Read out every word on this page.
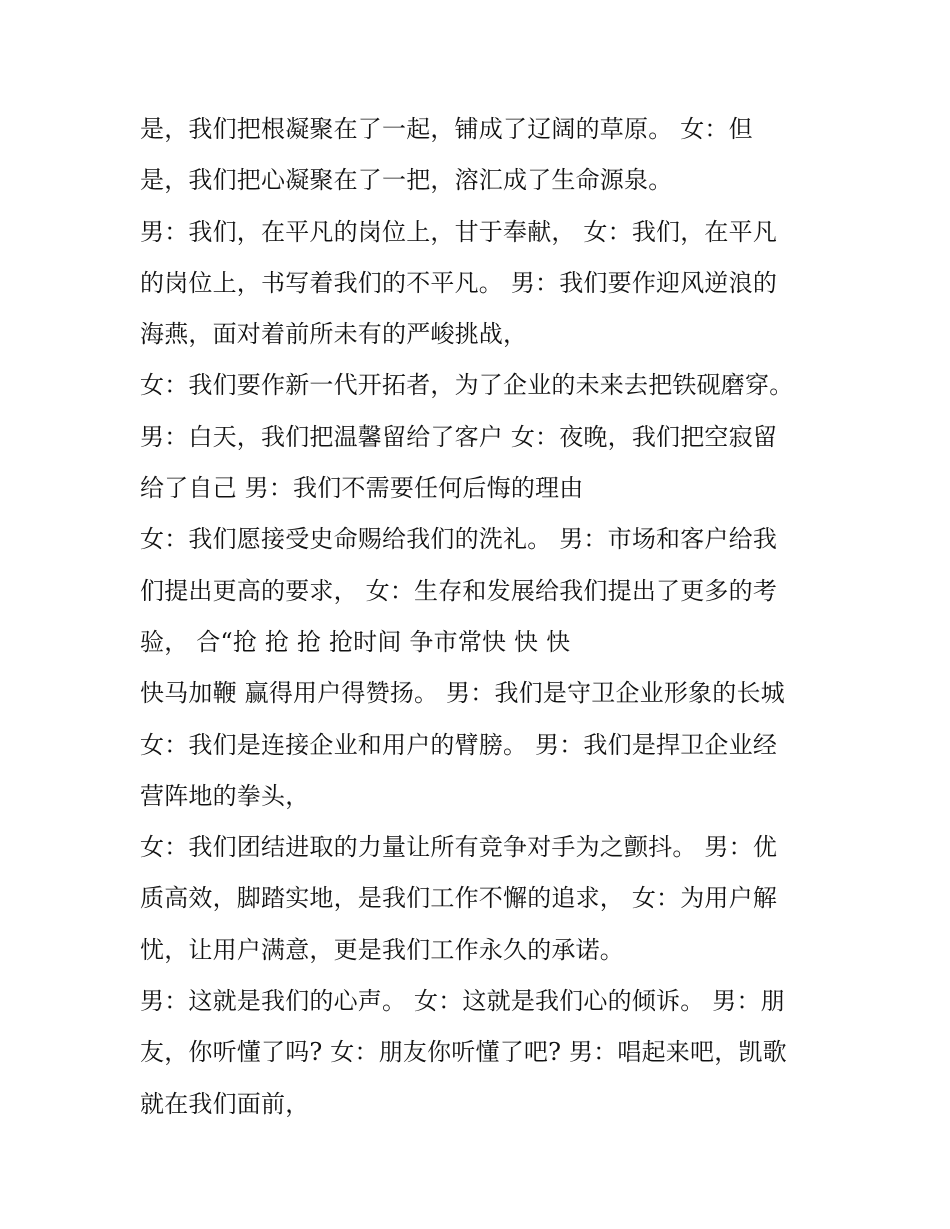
是，我们把根凝聚在了一起，铺成了辽阔的草原。 女：但
是，我们把心凝聚在了一把，溶汇成了生命源泉。
男：我们，在平凡的岗位上，甘于奉献， 女：我们，在平凡
的岗位上，书写着我们的不平凡。 男：我们要作迎风逆浪的
海燕，面对着前所未有的严峻挑战，
女：我们要作新一代开拓者，为了企业的未来去把铁砚磨穿。
男：白天，我们把温馨留给了客户 女：夜晚，我们把空寂留
给了自己 男：我们不需要任何后悔的理由
女：我们愿接受史命赐给我们的洗礼。 男：市场和客户给我
们提出更高的要求， 女：生存和发展给我们提出了更多的考
验， 合“抢 抢 抢 抢时间 争市常快 快 快
快马加鞭 赢得用户得赞扬。 男：我们是守卫企业形象的长城
女：我们是连接企业和用户的臂膀。 男：我们是捍卫企业经
营阵地的拳头，
女：我们团结进取的力量让所有竞争对手为之颤抖。 男：优
质高效，脚踏实地，是我们工作不懈的追求， 女：为用户解
忧，让用户满意，更是我们工作永久的承诺。
男：这就是我们的心声。 女：这就是我们心的倾诉。 男：朋
友，你听懂了吗? 女：朋友你听懂了吧? 男：唱起来吧，凯歌
就在我们面前，
